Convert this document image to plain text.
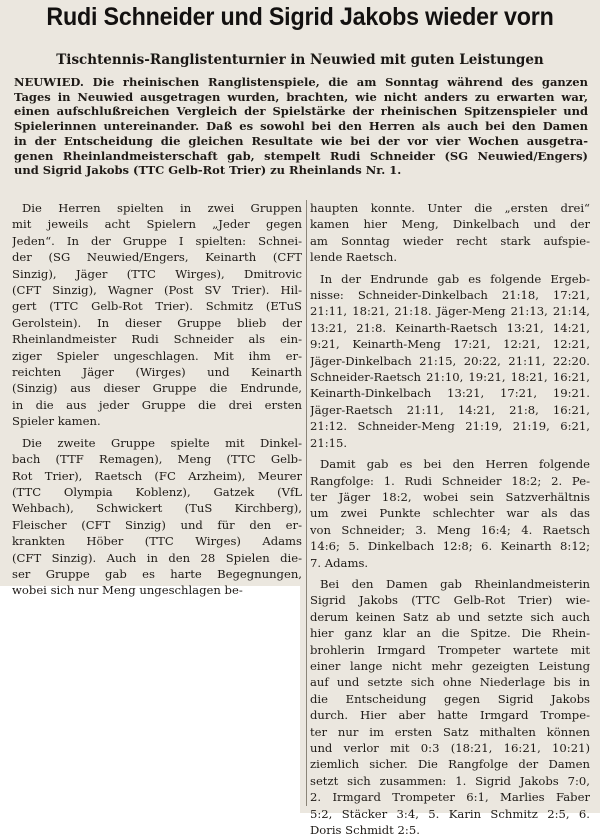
Rudi Schneider und Sigrid Jakobs wieder vorn
Tischtennis-Ranglistenturnier in Neuwied mit guten Leistungen
NEUWIED. Die rheinischen Ranglistenspiele, die am Sonntag während des ganzen
Tages in Neuwied ausgetragen wurden, brachten, wie nicht anders zu erwarten war,
einen aufschlußreichen Vergleich der Spielstärke der rheinischen Spitzenspieler und
Spielerinnen untereinander. Daß es sowohl bei den Herren als auch bei den Damen
in der Entscheidung die gleichen Resultate wie bei der vor vier Wochen ausgetra-
genen Rheinlandmeisterschaft gab, stempelt Rudi Schneider (SG Neuwied/Engers)
und Sigrid Jakobs (TTC Gelb-Rot Trier) zu Rheinlands Nr. 1.
Die Herren spielten in zwei Gruppen
mit jeweils acht Spielern „Jeder gegen
Jeden“. In der Gruppe I spielten: Schnei-
der (SG Neuwied/Engers, Keinarth (CFT
Sinzig), Jäger (TTC Wirges), Dmitrovic
(CFT Sinzig), Wagner (Post SV Trier). Hil-
gert (TTC Gelb-Rot Trier). Schmitz (ETuS
Gerolstein). In dieser Gruppe blieb der
Rheinlandmeister Rudi Schneider als ein-
ziger Spieler ungeschlagen. Mit ihm er-
reichten Jäger (Wirges) und Keinarth
(Sinzig) aus dieser Gruppe die Endrunde,
in die aus jeder Gruppe die drei ersten
Spieler kamen.
Die zweite Gruppe spielte mit Dinkel-
bach (TTF Remagen), Meng (TTC Gelb-
Rot Trier), Raetsch (FC Arzheim), Meurer
(TTC Olympia Koblenz), Gatzek (VfL
Wehbach), Schwickert (TuS Kirchberg),
Fleischer (CFT Sinzig) und für den er-
krankten Höber (TTC Wirges) Adams
(CFT Sinzig). Auch in den 28 Spielen die-
ser Gruppe gab es harte Begegnungen,
wobei sich nur Meng ungeschlagen be-
haupten konnte. Unter die „ersten drei“
kamen hier Meng, Dinkelbach und der
am Sonntag wieder recht stark aufspie-
lende Raetsch.
In der Endrunde gab es folgende Ergeb-
nisse: Schneider-Dinkelbach 21:18, 17:21,
21:11, 18:21, 21:18. Jäger-Meng 21:13, 21:14,
13:21, 21:8. Keinarth-Raetsch 13:21, 14:21,
9:21, Keinarth-Meng 17:21, 12:21, 12:21,
Jäger-Dinkelbach 21:15, 20:22, 21:11, 22:20.
Schneider-Raetsch 21:10, 19:21, 18:21, 16:21,
Keinarth-Dinkelbach 13:21, 17:21, 19:21.
Jäger-Raetsch 21:11, 14:21, 21:8, 16:21,
21:12. Schneider-Meng 21:19, 21:19, 6:21,
21:15.
Damit gab es bei den Herren folgende
Rangfolge: 1. Rudi Schneider 18:2; 2. Pe-
ter Jäger 18:2, wobei sein Satzverhältnis
um zwei Punkte schlechter war als das
von Schneider; 3. Meng 16:4; 4. Raetsch
14:6; 5. Dinkelbach 12:8; 6. Keinarth 8:12;
7. Adams.
Bei den Damen gab Rheinlandmeisterin
Sigrid Jakobs (TTC Gelb-Rot Trier) wie-
derum keinen Satz ab und setzte sich auch
hier ganz klar an die Spitze. Die Rhein-
brohlerin Irmgard Trompeter wartete mit
einer lange nicht mehr gezeigten Leistung
auf und setzte sich ohne Niederlage bis in
die Entscheidung gegen Sigrid Jakobs
durch. Hier aber hatte Irmgard Trompe-
ter nur im ersten Satz mithalten können
und verlor mit 0:3 (18:21, 16:21, 10:21)
ziemlich sicher. Die Rangfolge der Damen
setzt sich zusammen: 1. Sigrid Jakobs 7:0,
2. Irmgard Trompeter 6:1, Marlies Faber
5:2, Stäcker 3:4, 5. Karin Schmitz 2:5, 6.
Doris Schmidt 2:5.
